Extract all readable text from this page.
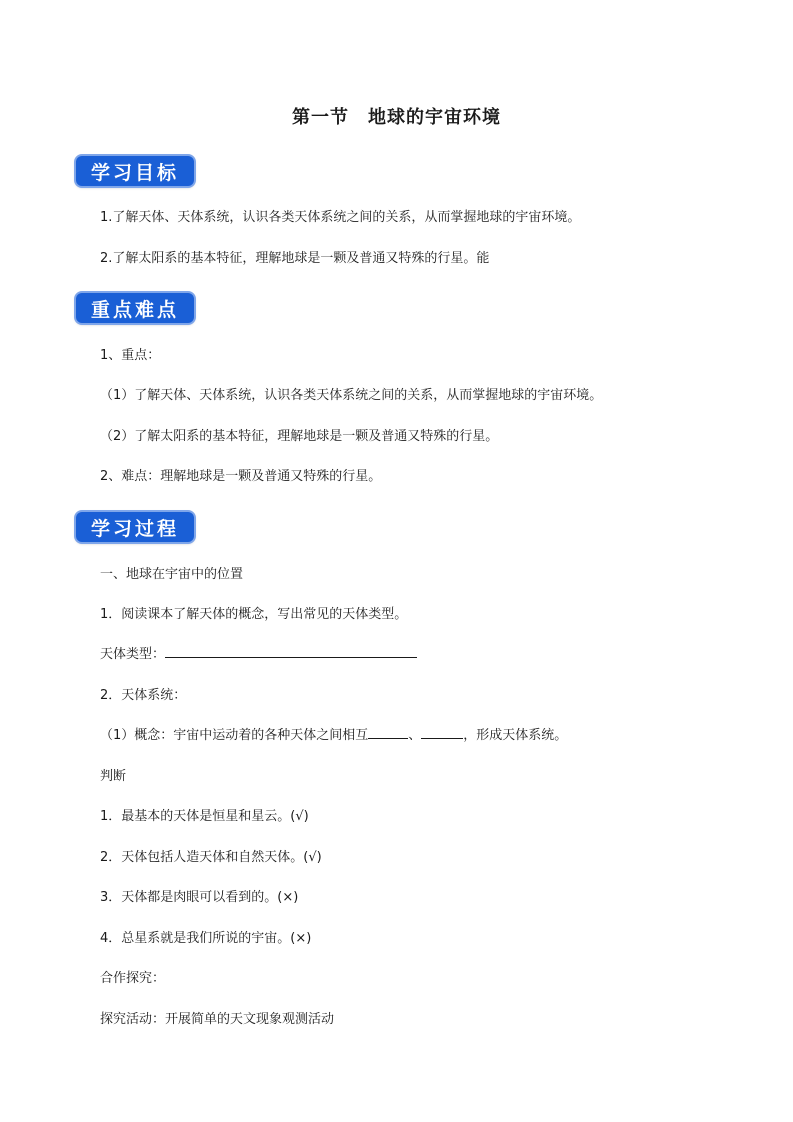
第一节　地球的宇宙环境
学习目标
1.了解天体、天体系统，认识各类天体系统之间的关系，从而掌握地球的宇宙环境。
2.了解太阳系的基本特征，理解地球是一颗及普通又特殊的行星。能
重点难点
1、重点：
（1）了解天体、天体系统，认识各类天体系统之间的关系，从而掌握地球的宇宙环境。
（2）了解太阳系的基本特征，理解地球是一颗及普通又特殊的行星。
2、难点：理解地球是一颗及普通又特殊的行星。
学习过程
一、地球在宇宙中的位置
1．阅读课本了解天体的概念，写出常见的天体类型。
天体类型：
2．天体系统：
（1）概念：宇宙中运动着的各种天体之间相互	、	，形成天体系统。
判断
1．最基本的天体是恒星和星云。(√)
2．天体包括人造天体和自然天体。(√)
3．天体都是肉眼可以看到的。(×)
4．总星系就是我们所说的宇宙。(×)
合作探究：
探究活动：开展简单的天文现象观测活动
